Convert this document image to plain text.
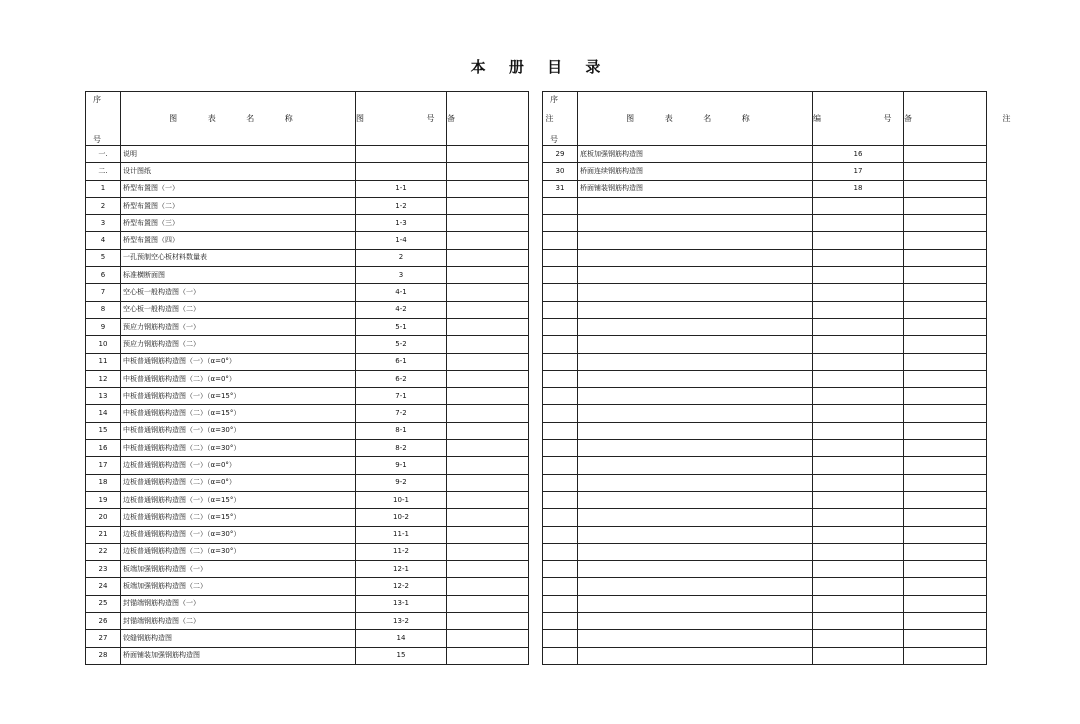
本 册 目 录
序
号	图 表 名 称	图 号	备 注
一.	说明		
二.	设计图纸		
1	桥型布置图（一）	1-1	
2	桥型布置图（二）	1-2	
3	桥型布置图（三）	1-3	
4	桥型布置图（四）	1-4	
5	一孔预制空心板材料数量表	2	
6	标准横断面图	3	
7	空心板一般构造图（一）	4-1	
8	空心板一般构造图（二）	4-2	
9	预应力钢筋构造图（一）	5-1	
10	预应力钢筋构造图（二）	5-2	
11	中板普通钢筋构造图（一）（α=0°）	6-1	
12	中板普通钢筋构造图（二）（α=0°）	6-2	
13	中板普通钢筋构造图（一）（α=15°）	7-1	
14	中板普通钢筋构造图（二）（α=15°）	7-2	
15	中板普通钢筋构造图（一）（α=30°）	8-1	
16	中板普通钢筋构造图（二）（α=30°）	8-2	
17	边板普通钢筋构造图（一）（α=0°）	9-1	
18	边板普通钢筋构造图（二）（α=0°）	9-2	
19	边板普通钢筋构造图（一）（α=15°）	10-1	
20	边板普通钢筋构造图（二）（α=15°）	10-2	
21	边板普通钢筋构造图（一）（α=30°）	11-1	
22	边板普通钢筋构造图（二）（α=30°）	11-2	
23	板端加强钢筋构造图（一）	12-1	
24	板端加强钢筋构造图（二）	12-2	
25	封锚端钢筋构造图（一）	13-1	
26	封锚端钢筋构造图（二）	13-2	
27	铰缝钢筋构造图	14	
28	桥面铺装加强钢筋构造图	15	
序
号	图 表 名 称	编 号	备 注
29	底板加强钢筋构造图	16	
30	桥面连续钢筋构造图	17	
31	桥面铺装钢筋构造图	18	
